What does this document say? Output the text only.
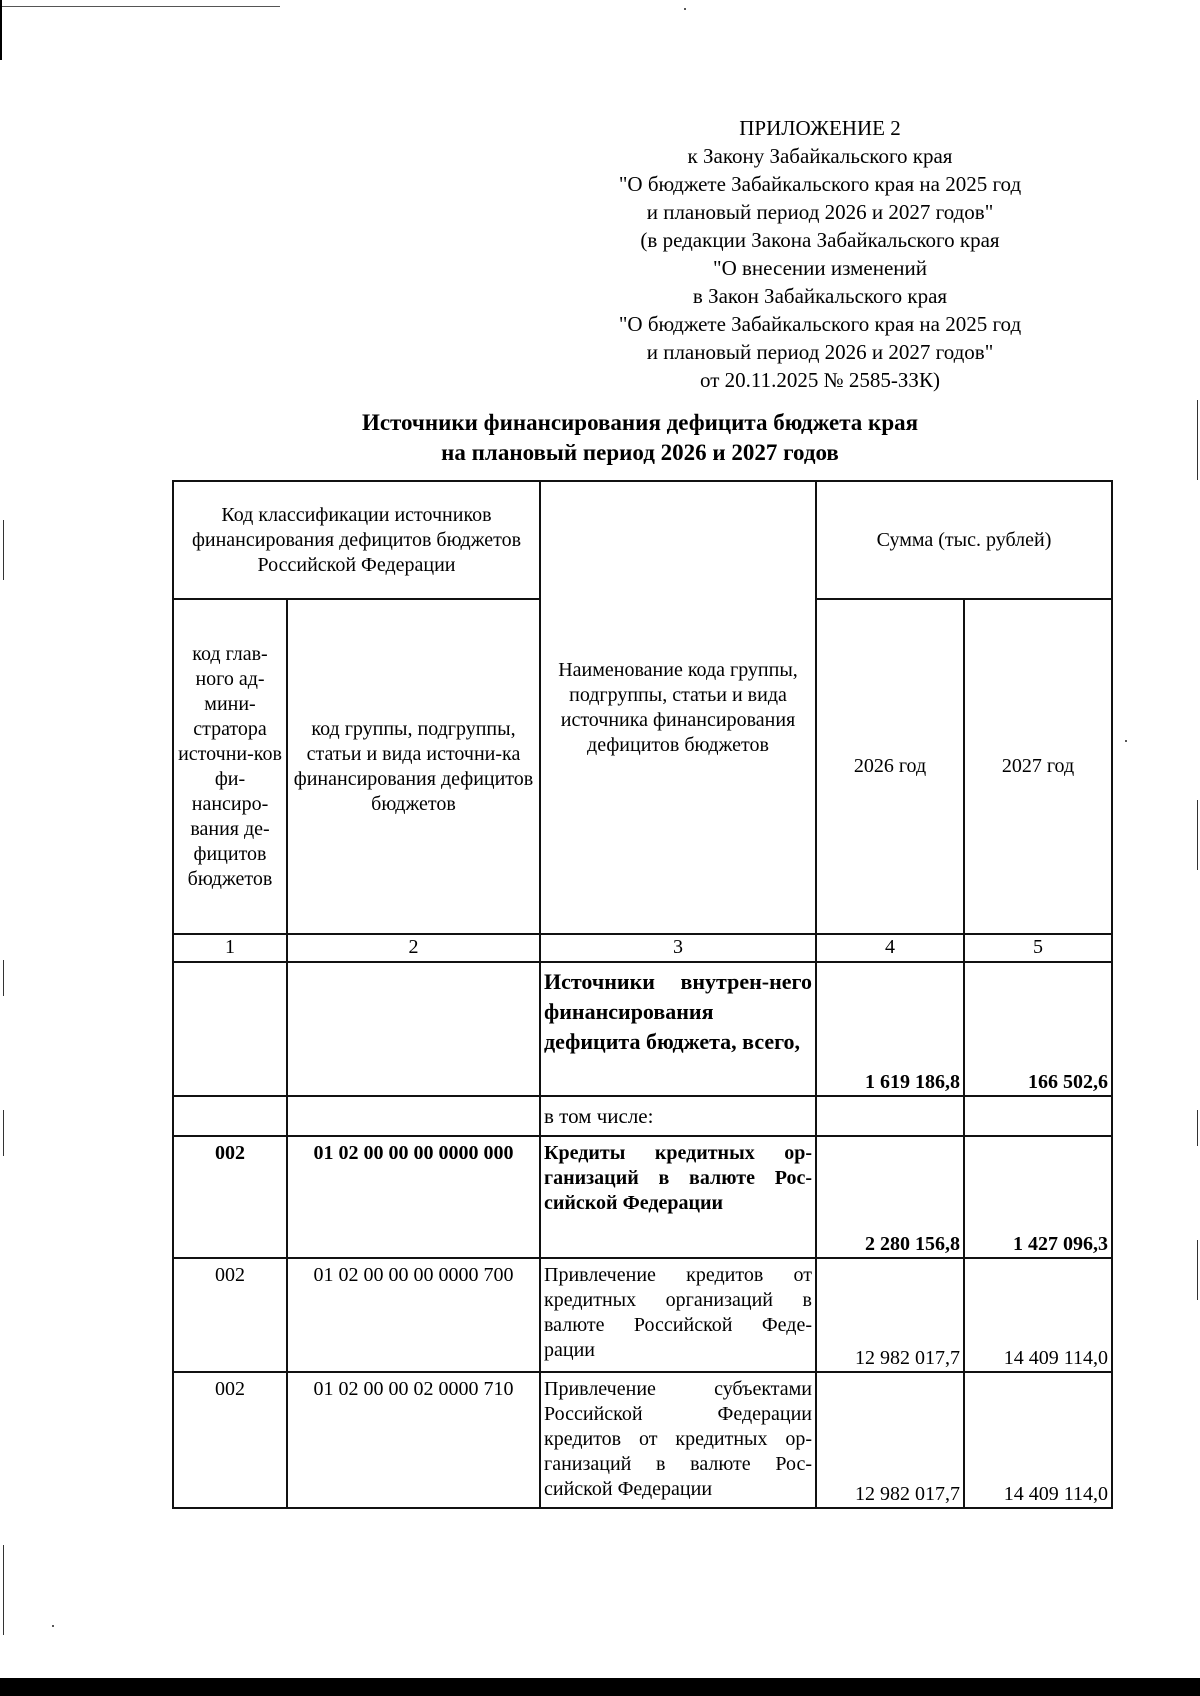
ПРИЛОЖЕНИЕ 2
к Закону Забайкальского края
"О бюджете Забайкальского края на 2025 год
и плановый период 2026 и 2027 годов"
(в редакции Закона Забайкальского края
"О внесении изменений
в Закон Забайкальского края
"О бюджете Забайкальского края на 2025 год
и плановый период 2026 и 2027 годов"
от 20.11.2025 № 2585-ЗЗК)
Источники финансирования дефицита бюджета края
на плановый период 2026 и 2027 годов
Код классификации источников финансирования дефицитов бюджетов Российской Федерации		Наименование кода группы, подгруппы, статьи и вида источника финансирования дефицитов бюджетов	Сумма (тыс. рублей)	
код глав-ного ад-мини-стратора источни-ков фи-нансиро-вания де-фицитов бюджетов	код группы, подгруппы, статьи и вида источни-ка финансирования дефицитов бюджетов		2026 год	2027 год
1	2	3	4	5
		Источники внутрен-него финансирования дефицита бюджета, всего,	1 619 186,8	166 502,6
		в том числе:		
002	01 02 00 00 00 0000 000	Кредиты кредитных ор-ганизаций в валюте Рос-сийской Федерации	2 280 156,8	1 427 096,3
002	01 02 00 00 00 0000 700	Привлечение кредитов от кредитных организаций в валюте Российской Феде-рации	12 982 017,7	14 409 114,0
002	01 02 00 00 02 0000 710	Привлечение субъектами Российской Федерации кредитов от кредитных ор-ганизаций в валюте Рос-сийской Федерации	12 982 017,7	14 409 114,0
